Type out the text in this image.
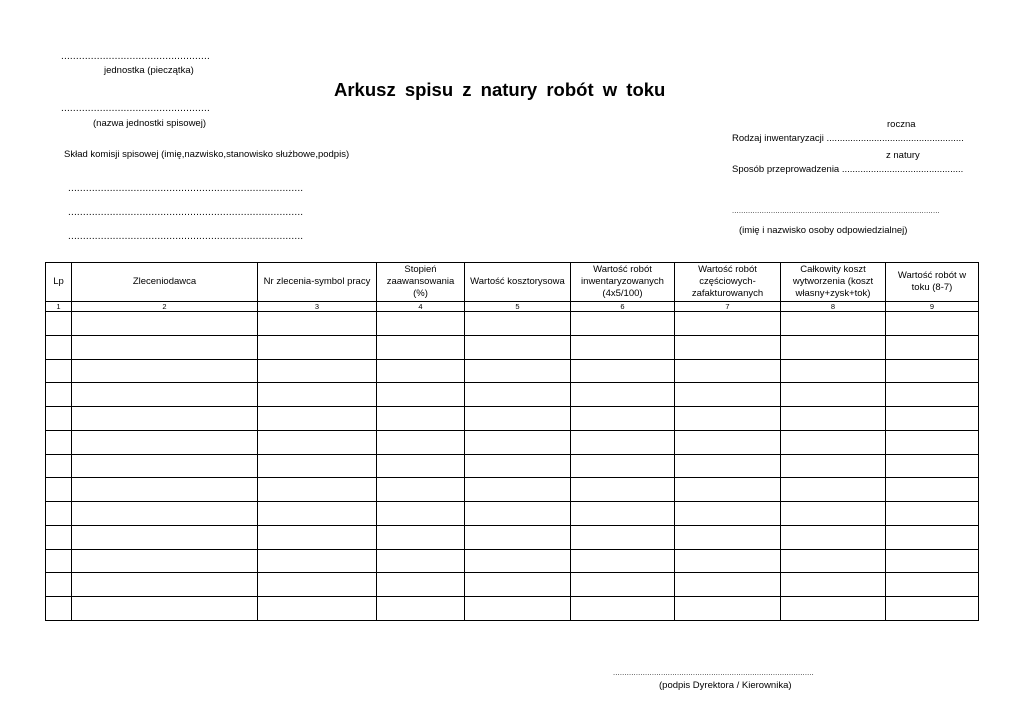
..................................................
jednostka (pieczątka)
Arkusz spisu z natury robót w toku
..................................................
(nazwa jednostki spisowej)
Skład komisji spisowej (imię,nazwisko,stanowisko służbowe,podpis)
...............................................................................
...............................................................................
...............................................................................
roczna
Rodzaj inwentaryzacji ....................................................
z natury
Sposób przeprowadzenia ..............................................
...........................................................................................
(imię i nazwisko osoby odpowiedzialnej)
Lp	Zleceniodawca	Nr zlecenia-symbol pracy	Stopień zaawansowania (%)	Wartość kosztorysowa	Wartość robót inwentaryzowanych (4x5/100)	Wartość robót częściowych- zafakturowanych	Całkowity koszt wytworzenia (koszt własny+zysk+tok)	Wartość robót w toku (8-7)
1	2	3	4	5	6	7	8	9

........................................................................................
(podpis Dyrektora / Kierownika)
